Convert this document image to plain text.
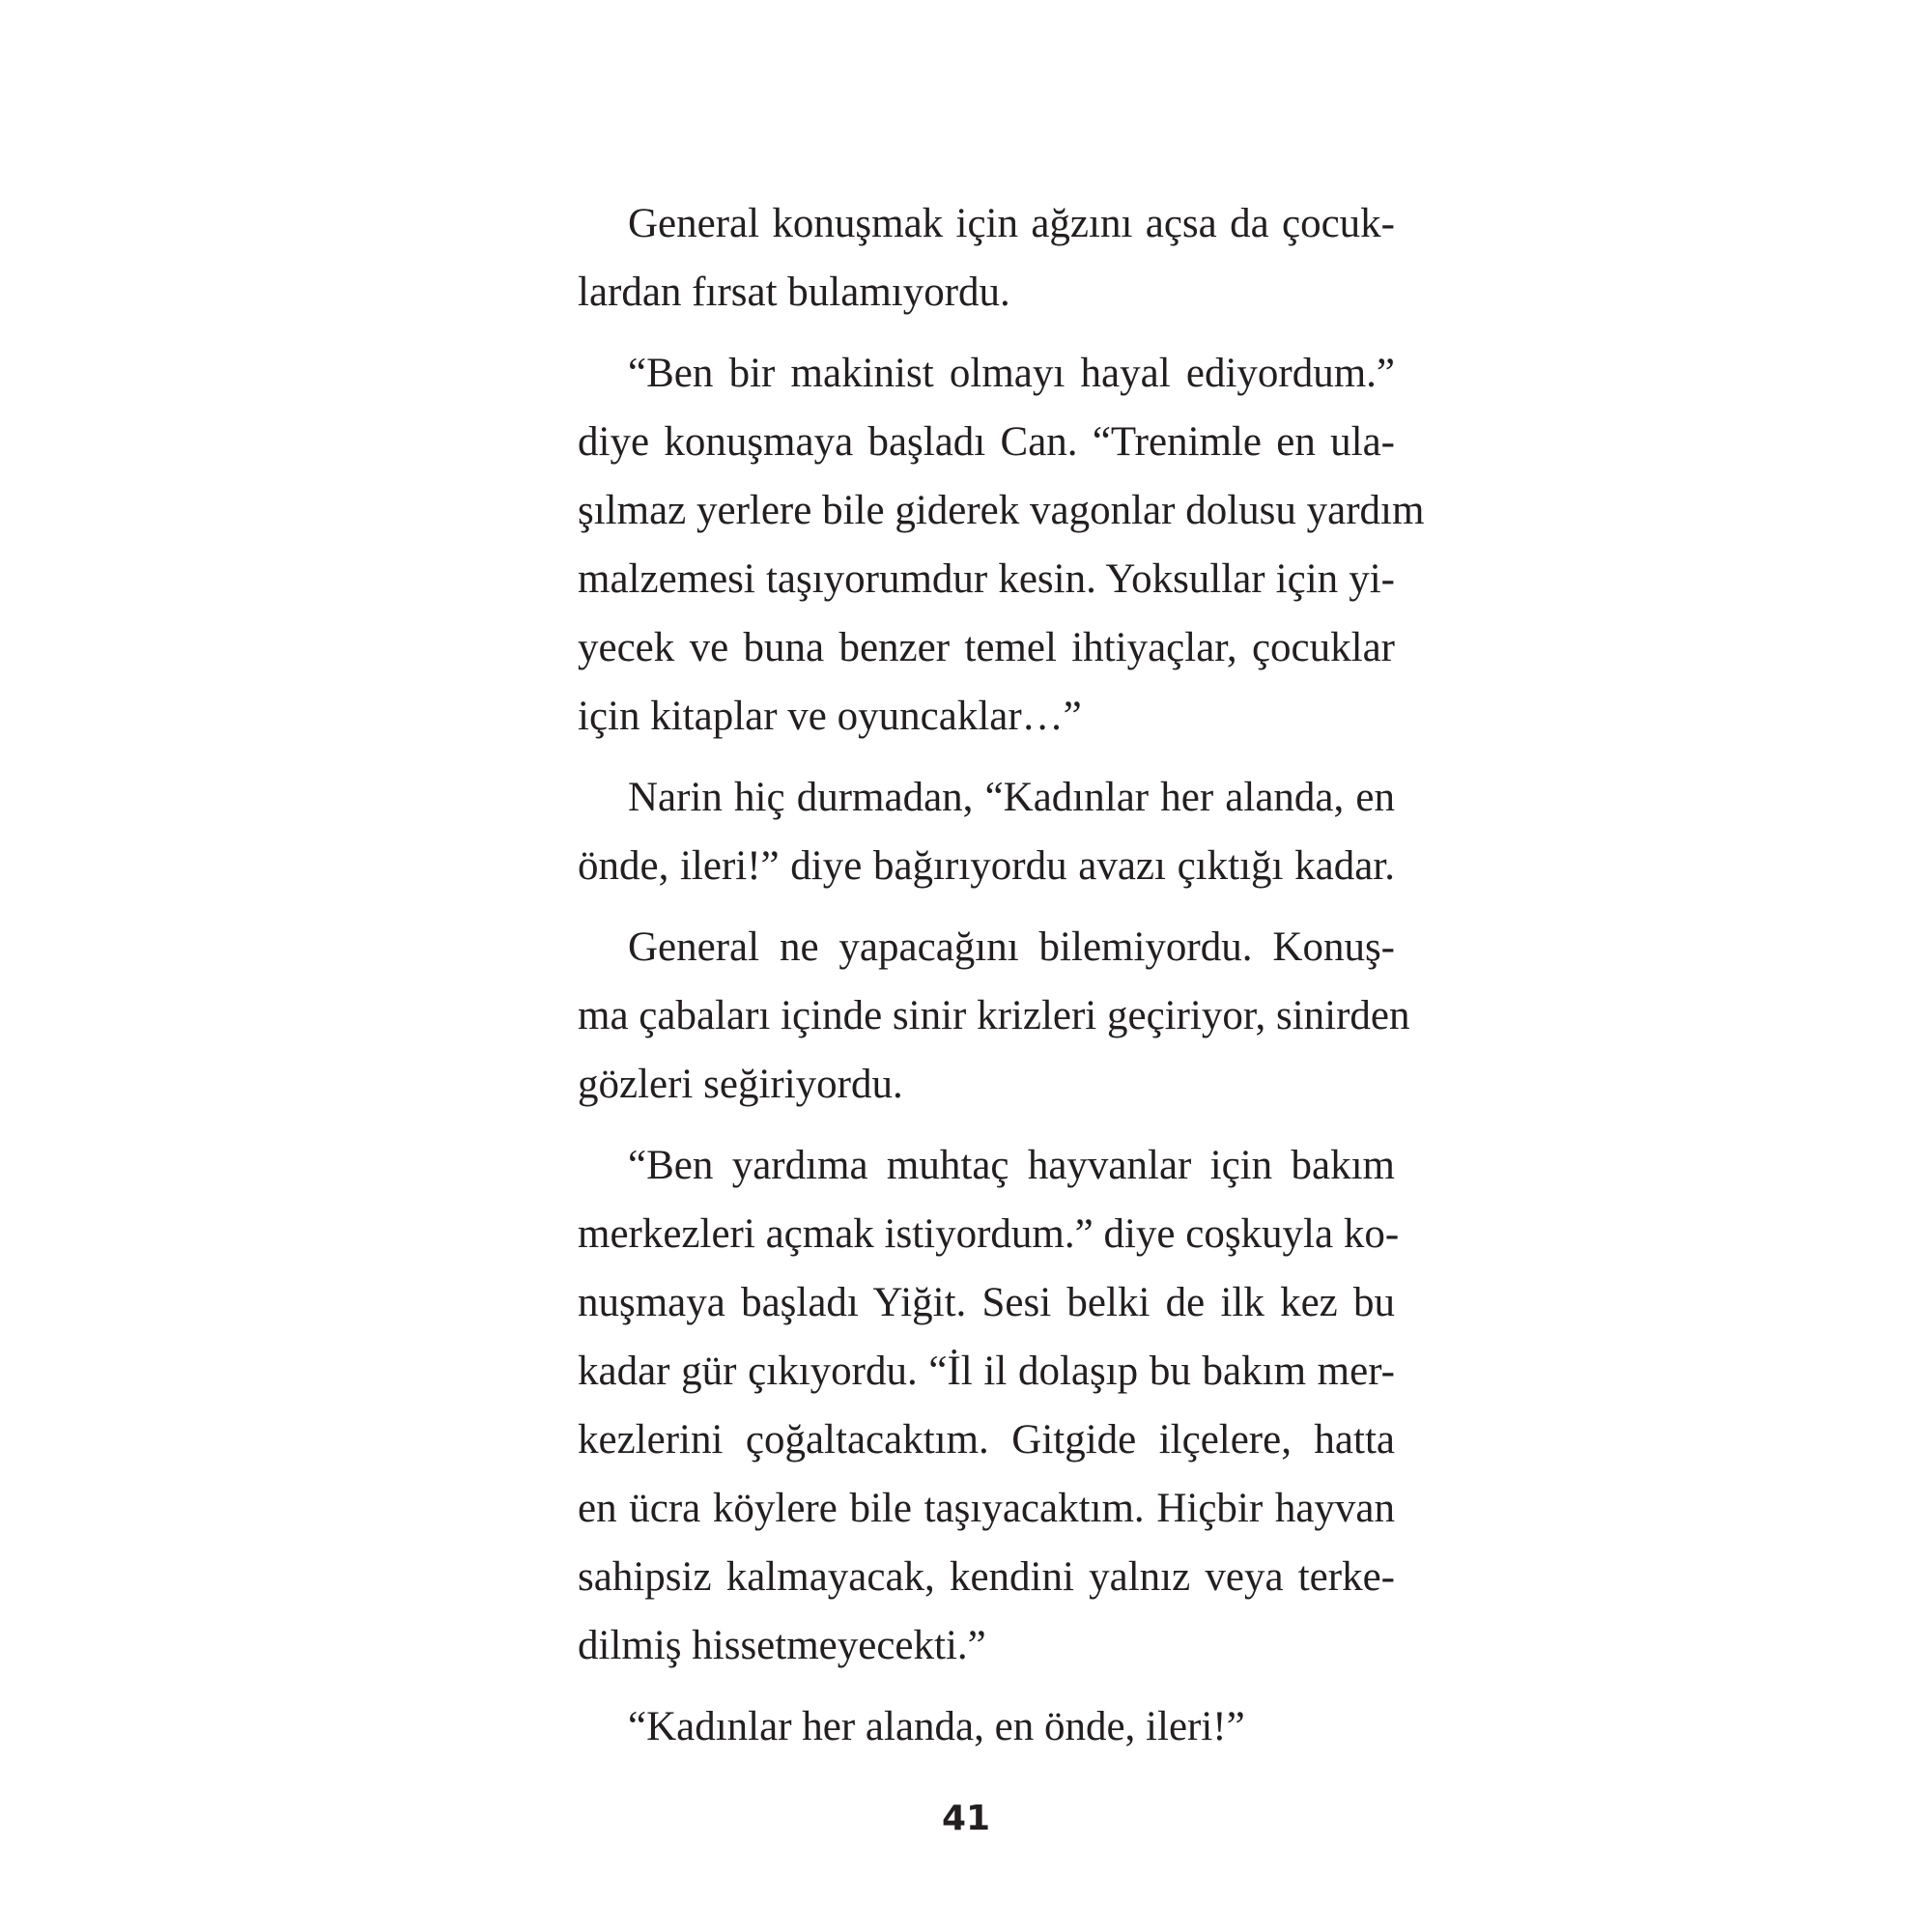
General konuşmak için ağzını açsa da çocuk-
lardan fırsat bulamıyordu.

“Ben bir makinist olmayı hayal ediyordum.”
diye konuşmaya başladı Can. “Trenimle en ula-
şılmaz yerlere bile giderek vagonlar dolusu yardım
malzemesi taşıyorumdur kesin. Yoksullar için yi-
yecek ve buna benzer temel ihtiyaçlar, çocuklar
için kitaplar ve oyuncaklar…”

Narin hiç durmadan, “Kadınlar her alanda, en
önde, ileri!” diye bağırıyordu avazı çıktığı kadar.

General ne yapacağını bilemiyordu. Konuş-
ma çabaları içinde sinir krizleri geçiriyor, sinirden
gözleri seğiriyordu.

“Ben yardıma muhtaç hayvanlar için bakım
merkezleri açmak istiyordum.” diye coşkuyla ko-
nuşmaya başladı Yiğit. Sesi belki de ilk kez bu
kadar gür çıkıyordu. “İl il dolaşıp bu bakım mer-
kezlerini çoğaltacaktım. Gitgide ilçelere, hatta
en ücra köylere bile taşıyacaktım. Hiçbir hayvan
sahipsiz kalmayacak, kendini yalnız veya terke-
dilmiş hissetmeyecekti.”

“Kadınlar her alanda, en önde, ileri!”

41
